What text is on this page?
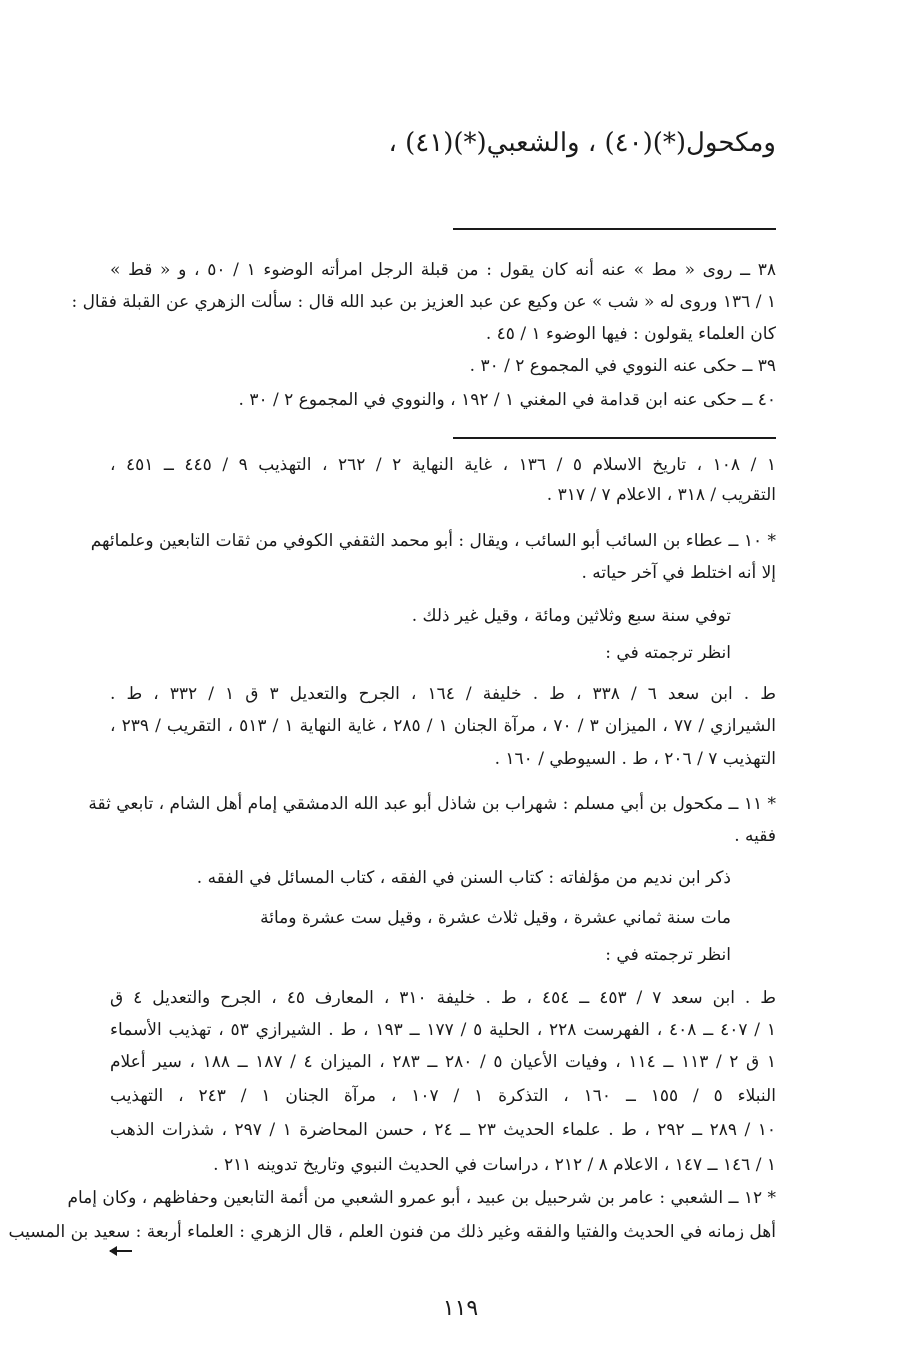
ومكحول(*)(٤٠) ، والشعبي(*)(٤١) ،
٣٨ ــ روى « مط » عنه أنه كان يقول : من قبلة الرجل امرأته الوضوء ١ / ٥٠ ، و « قط »
١ / ١٣٦ وروى له « شب » عن وكيع عن عبد العزيز بن عبد الله قال : سألت الزهري عن القبلة فقال :
كان العلماء يقولون : فيها الوضوء ١ / ٤٥ .
٣٩ ــ حكى عنه النووي في المجموع ٢ / ٣٠ .
٤٠ ــ حكى عنه ابن قدامة في المغني ١ / ١٩٢ ، والنووي في المجموع ٢ / ٣٠ .
١ / ١٠٨ ، تاريخ الاسلام ٥ / ١٣٦ ، غاية النهاية ٢ / ٢٦٢ ، التهذيب ٩ / ٤٤٥ ــ ٤٥١ ،
التقريب / ٣١٨ ، الاعلام ٧ / ٣١٧ .
* ١٠ ــ عطاء بن السائب أبو السائب ، ويقال : أبو محمد الثقفي الكوفي من ثقات التابعين وعلمائهم
إلا أنه اختلط في آخر حياته .
توفي سنة سبع وثلاثين ومائة ، وقيل غير ذلك .
انظر ترجمته في :
ط . ابن سعد ٦ / ٣٣٨ ، ط . خليفة / ١٦٤ ، الجرح والتعديل ٣ ق ١ / ٣٣٢ ، ط .
الشيرازي / ٧٧ ، الميزان ٣ / ٧٠ ، مرآة الجنان ١ / ٢٨٥ ، غاية النهاية ١ / ٥١٣ ، التقريب / ٢٣٩ ،
التهذيب ٧ / ٢٠٦ ، ط . السيوطي / ١٦٠ .
* ١١ ــ مكحول بن أبي مسلم : شهراب بن شاذل أبو عبد الله الدمشقي إمام أهل الشام ، تابعي ثقة
فقيه .
ذكر ابن نديم من مؤلفاته : كتاب السنن في الفقه ، كتاب المسائل في الفقه .
مات سنة ثماني عشرة ، وقيل ثلاث عشرة ، وقيل ست عشرة ومائة
انظر ترجمته في :
ط . ابن سعد ٧ / ٤٥٣ ــ ٤٥٤ ، ط . خليفة ٣١٠ ، المعارف ٤٥ ، الجرح والتعديل ٤ ق
١ / ٤٠٧ ــ ٤٠٨ ، الفهرست ٢٢٨ ، الحلية ٥ / ١٧٧ ــ ١٩٣ ، ط . الشيرازي ٥٣ ، تهذيب الأسماء
١ ق ٢ / ١١٣ ــ ١١٤ ، وفيات الأعيان ٥ / ٢٨٠ ــ ٢٨٣ ، الميزان ٤ / ١٨٧ ــ ١٨٨ ، سير أعلام
النبلاء ٥ / ١٥٥ ــ ١٦٠ ، التذكرة ١ / ١٠٧ ، مرآة الجنان ١ / ٢٤٣ ، التهذيب
١٠ / ٢٨٩ ــ ٢٩٢ ، ط . علماء الحديث ٢٣ ــ ٢٤ ، حسن المحاضرة ١ / ٢٩٧ ، شذرات الذهب
١ / ١٤٦ ــ ١٤٧ ، الاعلام ٨ / ٢١٢ ، دراسات في الحديث النبوي وتاريخ تدوينه ٢١١ .
* ١٢ ــ الشعبي : عامر بن شرحبيل بن عبيد ، أبو عمرو الشعبي من أئمة التابعين وحفاظهم ، وكان إمام
أهل زمانه في الحديث والفتيا والفقه وغير ذلك من فنون العلم ، قال الزهري : العلماء أربعة : سعيد بن المسيب
١١٩
